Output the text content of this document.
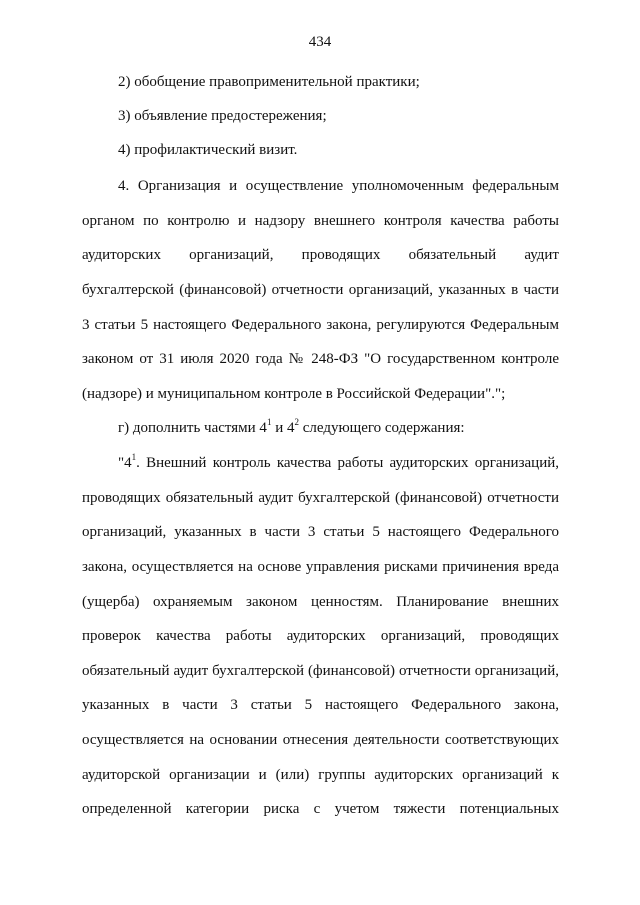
434
2) обобщение правоприменительной практики;
3) объявление предостережения;
4) профилактический визит.
4. Организация и осуществление уполномоченным федеральным
органом по контролю и надзору внешнего контроля качества работы
аудиторских организаций, проводящих обязательный аудит
бухгалтерской (финансовой) отчетности организаций, указанных в части
3 статьи 5 настоящего Федерального закона, регулируются Федеральным
законом от 31 июля 2020 года № 248-ФЗ "О государственном контроле
(надзоре) и муниципальном контроле в Российской Федерации".";
г) дополнить частями $4^1$ и $4^2$ следующего содержания:
"$4^1$. Внешний контроль качества работы аудиторских организаций,
проводящих обязательный аудит бухгалтерской (финансовой) отчетности
организаций, указанных в части 3 статьи 5 настоящего Федерального
закона, осуществляется на основе управления рисками причинения вреда
(ущерба) охраняемым законом ценностям. Планирование внешних
проверок качества работы аудиторских организаций, проводящих
обязательный аудит бухгалтерской (финансовой) отчетности организаций,
указанных в части 3 статьи 5 настоящего Федерального закона,
осуществляется на основании отнесения деятельности соответствующих
аудиторской организации и (или) группы аудиторских организаций к
определенной категории риска с учетом тяжести потенциальных
